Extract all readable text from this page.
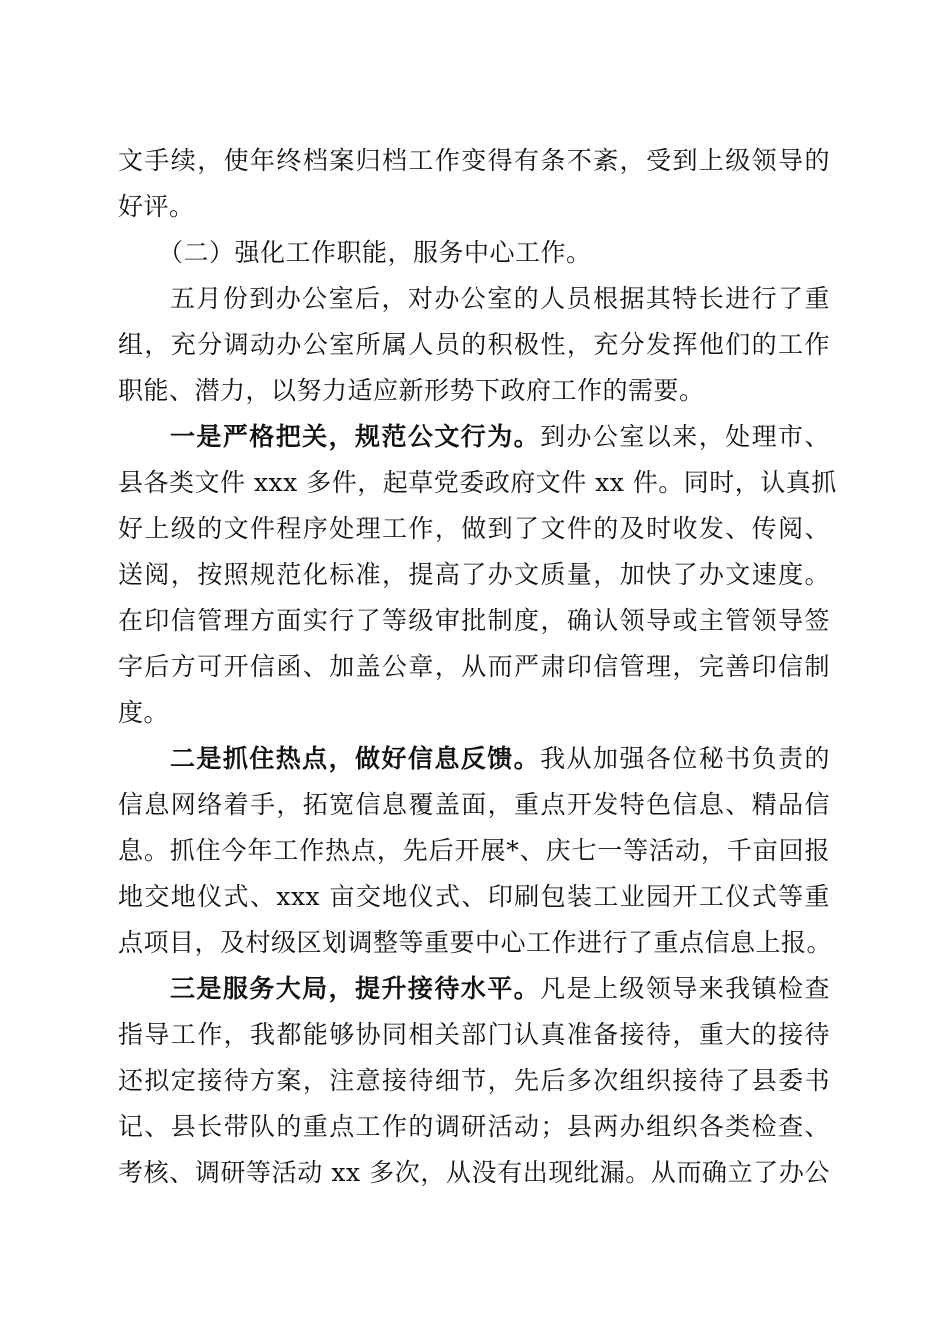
文手续，使年终档案归档工作变得有条不紊，受到上级领导的
好评。
（二）强化工作职能，服务中心工作。
五月份到办公室后，对办公室的人员根据其特长进行了重
组，充分调动办公室所属人员的积极性，充分发挥他们的工作
职能、潜力，以努力适应新形势下政府工作的需要。
一是严格把关，规范公文行为。到办公室以来，处理市、
县各类文件 xxx 多件，起草党委政府文件 xx 件。同时，认真抓
好上级的文件程序处理工作，做到了文件的及时收发、传阅、
送阅，按照规范化标准，提高了办文质量，加快了办文速度。
在印信管理方面实行了等级审批制度，确认领导或主管领导签
字后方可开信函、加盖公章，从而严肃印信管理，完善印信制
度。
二是抓住热点，做好信息反馈。我从加强各位秘书负责的
信息网络着手，拓宽信息覆盖面，重点开发特色信息、精品信
息。抓住今年工作热点，先后开展*、庆七一等活动，千亩回报
地交地仪式、xxx 亩交地仪式、印刷包装工业园开工仪式等重
点项目，及村级区划调整等重要中心工作进行了重点信息上报。
三是服务大局，提升接待水平。凡是上级领导来我镇检查
指导工作，我都能够协同相关部门认真准备接待，重大的接待
还拟定接待方案，注意接待细节，先后多次组织接待了县委书
记、县长带队的重点工作的调研活动；县两办组织各类检查、
考核、调研等活动 xx 多次，从没有出现纰漏。从而确立了办公
